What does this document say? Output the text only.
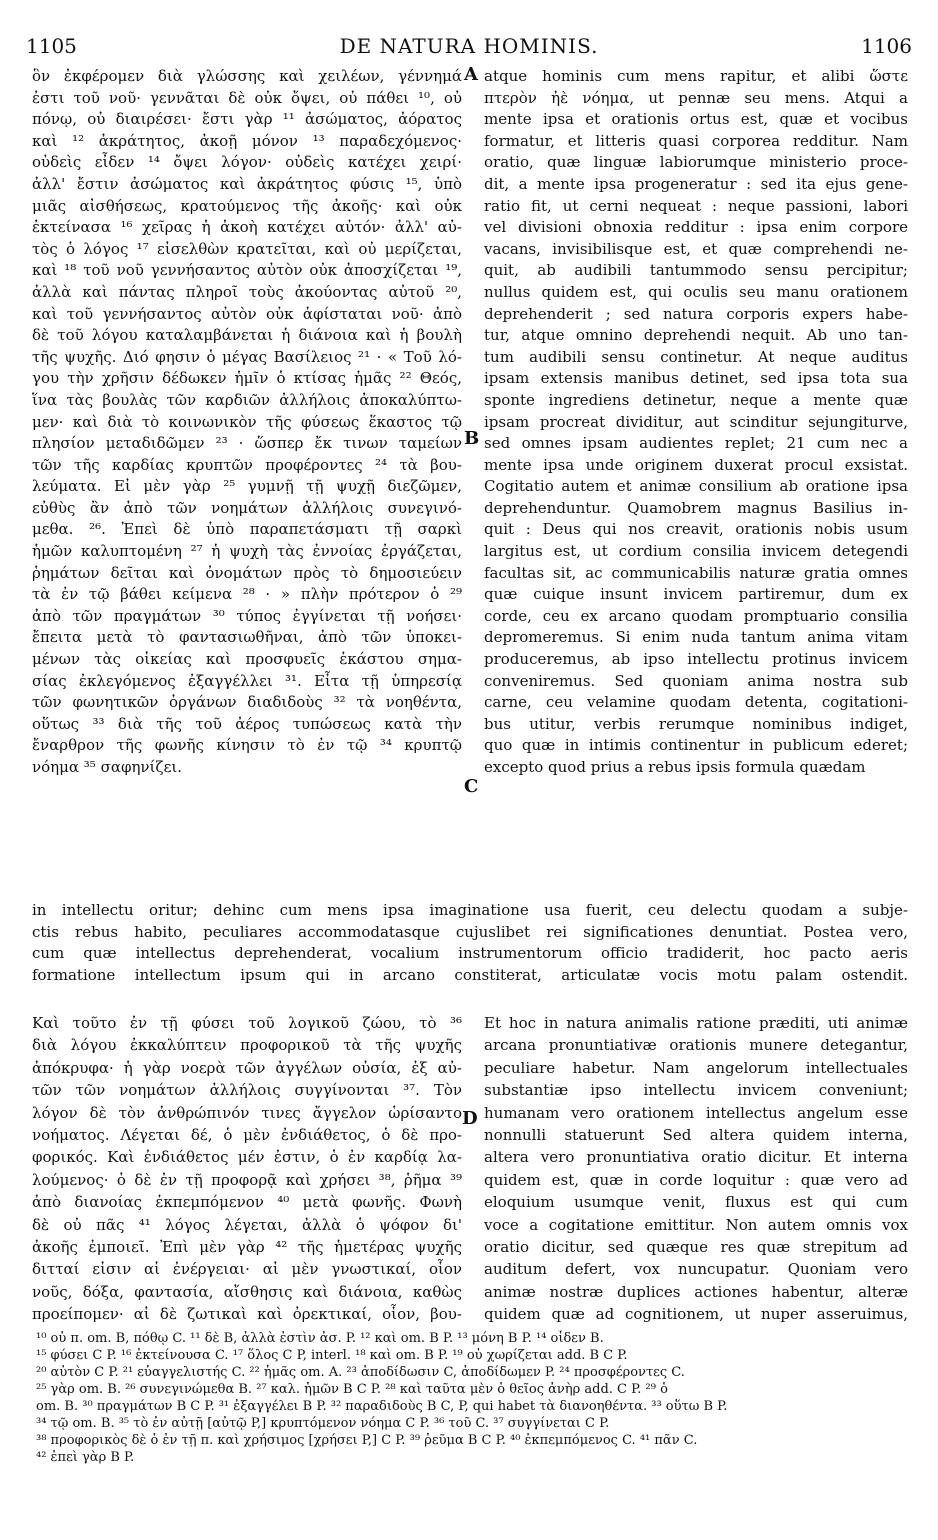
1105	DE NATURA HOMINIS.	1106
A
B
C
D
ὃν ἐκφέρομεν διὰ γλώσσης καὶ χειλέων, γέννημά
ἐστι τοῦ νοῦ· γεννᾶται δὲ οὐκ ὄψει, οὐ πάθει ¹⁰, οὐ
πόνῳ, οὐ διαιρέσει· ἔστι γὰρ ¹¹ ἀσώματος, ἀόρατος
καὶ ¹² ἀκράτητος, ἀκοῇ μόνον ¹³ παραδεχόμενος·
οὐδεὶς εἶδεν ¹⁴ ὄψει λόγον· οὐδεὶς κατέχει χειρί·
ἀλλ' ἔστιν ἀσώματος καὶ ἀκράτητος φύσις ¹⁵, ὑπὸ
μιᾶς αἰσθήσεως, κρατούμενος τῆς ἀκοῆς· καὶ οὐκ
ἐκτείνασα ¹⁶ χεῖρας ἡ ἀκοὴ κατέχει αὐτόν· ἀλλ' αὐ-
τὸς ὁ λόγος ¹⁷ εἰσελθὼν κρατεῖται, καὶ οὐ μερίζεται,
καὶ ¹⁸ τοῦ νοῦ γεννήσαντος αὐτὸν οὐκ ἀποσχίζεται ¹⁹,
ἀλλὰ καὶ πάντας πληροῖ τοὺς ἀκούοντας αὐτοῦ ²⁰,
καὶ τοῦ γεννήσαντος αὐτὸν οὐκ ἀφίσταται νοῦ· ἀπὸ
δὲ τοῦ λόγου καταλαμβάνεται ἡ διάνοια καὶ ἡ βουλὴ
τῆς ψυχῆς. Διό φησιν ὁ μέγας Βασίλειος ²¹ · « Τοῦ λό-
γου τὴν χρῆσιν δέδωκεν ἡμῖν ὁ κτίσας ἡμᾶς ²² Θεός,
ἵνα τὰς βουλὰς τῶν καρδιῶν ἀλλήλοις ἀποκαλύπτω-
μεν· καὶ διὰ τὸ κοινωνικὸν τῆς φύσεως ἕκαστος τῷ
πλησίον μεταδιδῶμεν ²³ · ὥσπερ ἔκ τινων ταμείων
τῶν τῆς καρδίας κρυπτῶν προφέροντες ²⁴ τὰ βου-
λεύματα. Εἰ μὲν γὰρ ²⁵ γυμνῇ τῇ ψυχῇ διεζῶμεν,
εὐθὺς ἂν ἀπὸ τῶν νοημάτων ἀλλήλοις συνεγινό-
μεθα. ²⁶. Ἐπεὶ δὲ ὑπὸ παραπετάσματι τῇ σαρκὶ
ἡμῶν καλυπτομένη ²⁷ ἡ ψυχὴ τὰς ἐννοίας ἐργάζεται,
ῥημάτων δεῖται καὶ ὀνομάτων πρὸς τὸ δημοσιεύειν
τὰ ἐν τῷ βάθει κείμενα ²⁸ · » πλὴν πρότερον ὁ ²⁹
ἀπὸ τῶν πραγμάτων ³⁰ τύπος ἐγγίνεται τῇ νοήσει·
ἔπειτα μετὰ τὸ φαντασιωθῆναι, ἀπὸ τῶν ὑποκει-
μένων τὰς οἰκείας καὶ προσφυεῖς ἑκάστου σημα-
σίας ἐκλεγόμενος ἐξαγγέλλει ³¹. Εἶτα τῇ ὑπηρεσίᾳ
τῶν φωνητικῶν ὀργάνων διαδιδοὺς ³² τὰ νοηθέντα,
οὕτως ³³ διὰ τῆς τοῦ ἀέρος τυπώσεως κατὰ τὴν
ἔναρθρον τῆς φωνῆς κίνησιν τὸ ἐν τῷ ³⁴ κρυπτῷ
νόημα ³⁵ σαφηνίζει.
atque hominis cum mens rapitur, et alibi ὥστε
πτερὸν ἠὲ νόημα, ut pennæ seu mens. Atqui a
mente ipsa et orationis ortus est, quæ et vocibus
formatur, et litteris quasi corporea redditur. Nam
oratio, quæ linguæ labiorumque ministerio proce-
dit, a mente ipsa progeneratur : sed ita ejus gene-
ratio fit, ut cerni nequeat : neque passioni, labori
vel divisioni obnoxia redditur : ipsa enim corpore
vacans, invisibilisque est, et quæ comprehendi ne-
quit, ab audibili tantummodo sensu percipitur;
nullus quidem est, qui oculis seu manu orationem
deprehenderit ; sed natura corporis expers habe-
tur, atque omnino deprehendi nequit. Ab uno tan-
tum audibili sensu continetur. At neque auditus
ipsam extensis manibus detinet, sed ipsa tota sua
sponte ingrediens detinetur, neque a mente quæ
ipsam procreat dividitur, aut scinditur sejungiturve,
sed omnes ipsam audientes replet; 21 cum nec a
mente ipsa unde originem duxerat procul exsistat.
Cogitatio autem et animæ consilium ab oratione ipsa
deprehenduntur. Quamobrem magnus Basilius in-
quit : Deus qui nos creavit, orationis nobis usum
largitus est, ut cordium consilia invicem detegendi
facultas sit, ac communicabilis naturæ gratia omnes
quæ cuique insunt invicem partiremur, dum ex
corde, ceu ex arcano quodam promptuario consilia
depromeremus. Si enim nuda tantum anima vitam
produceremus, ab ipso intellectu protinus invicem
conveniremus. Sed quoniam anima nostra sub
carne, ceu velamine quodam detenta, cogitationi-
bus utitur, verbis rerumque nominibus indiget,
quo quæ in intimis continentur in publicum ederet;
excepto quod prius a rebus ipsis formula quædam
in intellectu oritur; dehinc cum mens ipsa imaginatione usa fuerit, ceu delectu quodam a subje-
ctis rebus habito, peculiares accommodatasque cujuslibet rei significationes denuntiat. Postea vero,
cum quæ intellectus deprehenderat, vocalium instrumentorum officio tradiderit, hoc pacto aeris
formatione intellectum ipsum qui in arcano constiterat, articulatæ vocis motu palam ostendit.
Καὶ τοῦτο ἐν τῇ φύσει τοῦ λογικοῦ ζώου, τὸ ³⁶
διὰ λόγου ἐκκαλύπτειν προφορικοῦ τὰ τῆς ψυχῆς
ἀπόκρυφα· ἡ γὰρ νοερὰ τῶν ἀγγέλων οὐσία, ἐξ αὐ-
τῶν τῶν νοημάτων ἀλλήλοις συγγίνονται ³⁷. Τὸν
λόγον δὲ τὸν ἀνθρώπινόν τινες ἄγγελον ὡρίσαντο
νοήματος. Λέγεται δέ, ὁ μὲν ἐνδιάθετος, ὁ δὲ προ-
φορικός. Καὶ ἐνδιάθετος μέν ἐστιν, ὁ ἐν καρδίᾳ λα-
λούμενος· ὁ δὲ ἐν τῇ προφορᾷ καὶ χρήσει ³⁸, ῥῆμα ³⁹
ἀπὸ διανοίας ἐκπεμπόμενον ⁴⁰ μετὰ φωνῆς. Φωνὴ
δὲ οὐ πᾶς ⁴¹ λόγος λέγεται, ἀλλὰ ὁ ψόφον δι'
ἀκοῆς ἐμποιεῖ. Ἐπὶ μὲν γὰρ ⁴² τῆς ἡμετέρας ψυχῆς
διτταί εἰσιν αἱ ἐνέργειαι· αἱ μὲν γνωστικαί, οἷον
νοῦς, δόξα, φαντασία, αἴσθησις καὶ διάνοια, καθὼς
προείπομεν· αἱ δὲ ζωτικαὶ καὶ ὀρεκτικαί, οἷον, βου-
Et hoc in natura animalis ratione præditi, uti animæ
arcana pronuntiativæ orationis munere detegantur,
peculiare habetur. Nam angelorum intellectuales
substantiæ ipso intellectu invicem conveniunt;
humanam vero orationem intellectus angelum esse
nonnulli statuerunt Sed altera quidem interna,
altera vero pronuntiativa oratio dicitur. Et interna
quidem est, quæ in corde loquitur : quæ vero ad
eloquium usumque venit, fluxus est qui cum
voce a cogitatione emittitur. Non autem omnis vox
oratio dicitur, sed quæque res quæ strepitum ad
auditum defert, vox nuncupatur. Quoniam vero
animæ nostræ duplices actiones habentur, alteræ
quidem quæ ad cognitionem, ut nuper asseruimus,
¹⁰ οὐ π. om. B, πόθῳ C. ¹¹ δὲ B, ἀλλὰ ἐστὶν ἀσ. P. ¹² καὶ om. B P. ¹³ μόνη B P. ¹⁴ οἶδεν B.
¹⁵ φύσει C P. ¹⁶ ἐκτείνουσα C. ¹⁷ ὅλος C P, interl. ¹⁸ καὶ om. B P. ¹⁹ οὐ χωρίζεται add. B C P.
²⁰ αὐτὸν C P. ²¹ εὐαγγελιστής C. ²² ἡμᾶς om. A. ²³ ἀποδίδωσιν C, ἀποδίδωμεν P. ²⁴ προσφέροντες C.
²⁵ γὰρ om. B. ²⁶ συνεγινώμεθα B. ²⁷ καλ. ἡμῶν B C P. ²⁸ καὶ ταῦτα μὲν ὁ θεῖος ἀνὴρ add. C P. ²⁹ ὁ
om. B. ³⁰ πραγμάτων B C P. ³¹ ἐξαγγέλει B P. ³² παραδιδοὺς B C, P, qui habet τὰ διανοηθέντα. ³³ οὕτω B P.
³⁴ τῷ om. B. ³⁵ τὸ ἐν αὐτῇ [αὐτῷ P,] κρυπτόμενον νόημα C P. ³⁶ τοῦ C. ³⁷ συγγίνεται C P.
³⁸ προφορικὸς δὲ ὁ ἐν τῇ π. καὶ χρήσιμος [χρήσει P,] C P. ³⁹ ῥεῦμα B C P. ⁴⁰ ἐκπεμπόμενος C. ⁴¹ πᾶν C.
⁴² ἐπεὶ γὰρ B P.
